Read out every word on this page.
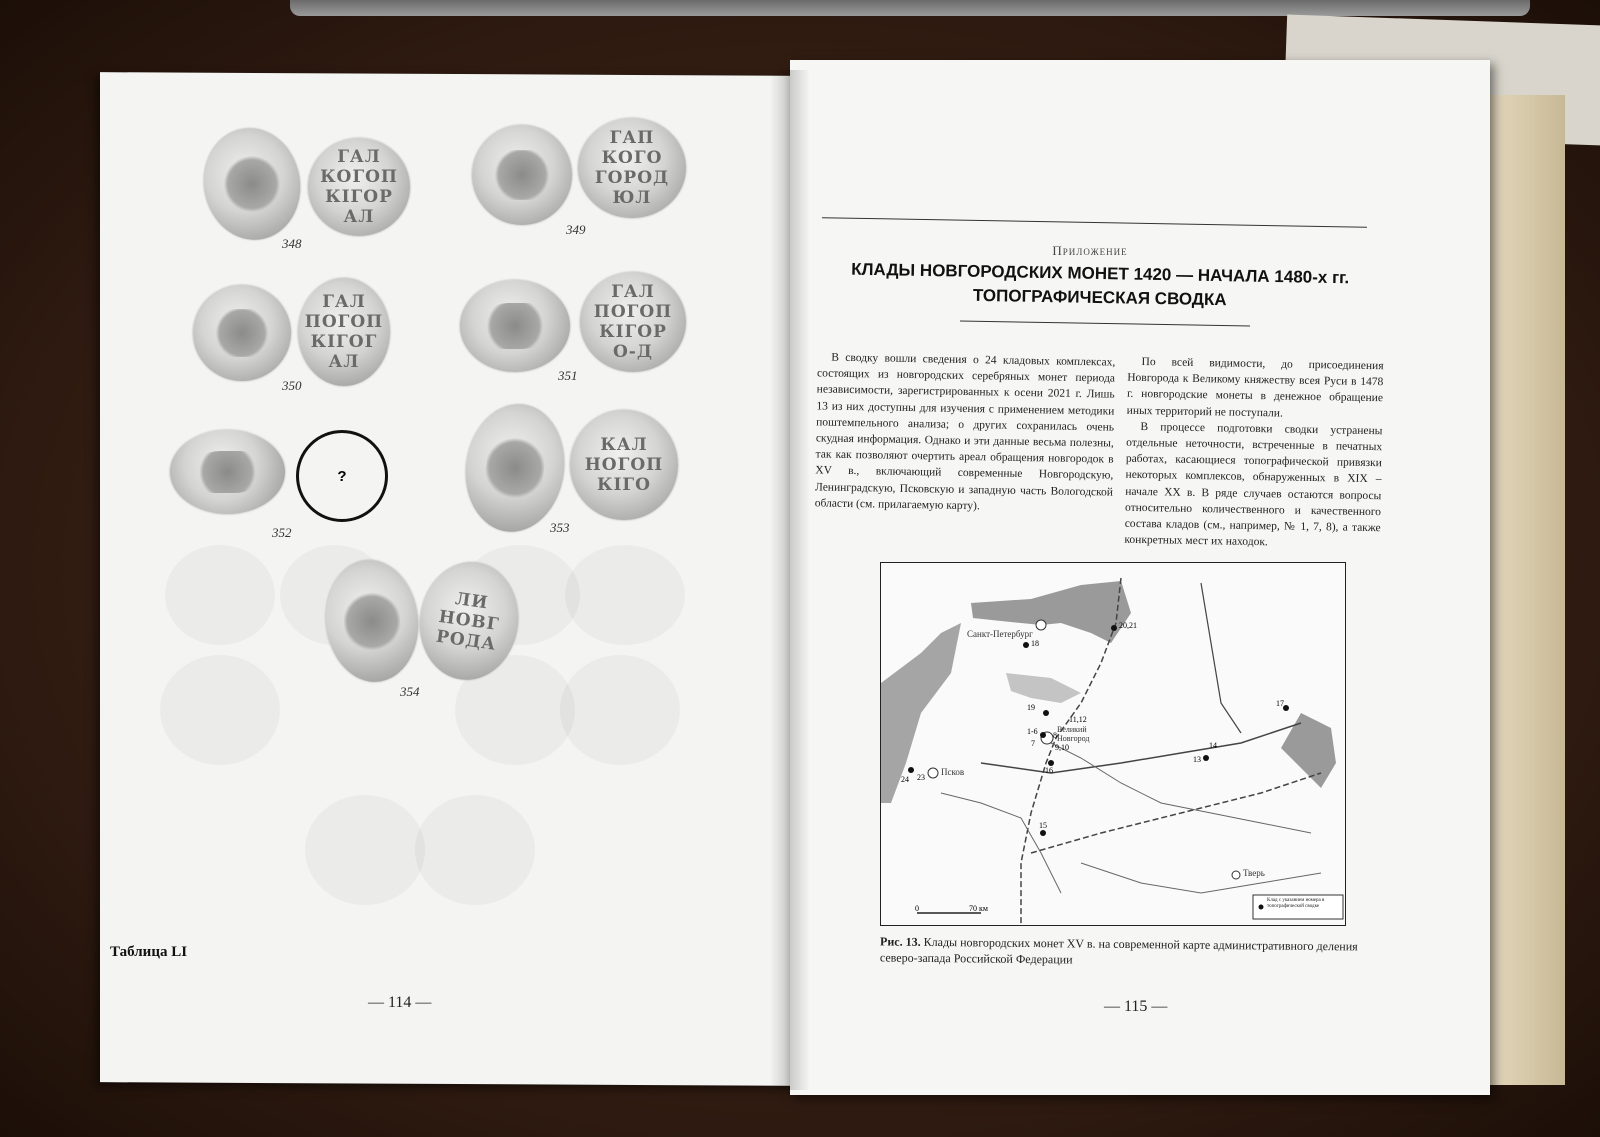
ГАЛ
КОГОП
КІГОР
АЛ
348
ГАП
КОГО
ГОРОД
ЮЛ
349
ГАЛ
ПОГОП
КІГОГ
АЛ
350
ГАЛ
ПОГОП
КІГОР
О-Д
351
?
352
КАЛ
НОГОП
КІГО
353
ЛИ
НОВГ
РОДА
354
Таблица LI
— 114 —
Приложение
КЛАДЫ НОВГОРОДСКИХ МОНЕТ 1420 — НАЧАЛА 1480-х гг.
ТОПОГРАФИЧЕСКАЯ СВОДКА

В сводку вошли сведения о 24 кладовых комплексах, состоящих из новгородских серебряных монет периода независимости, зарегистрированных к осени 2021 г. Лишь 13 из них доступны для изучения с применением методики поштемпельного анализа; о других сохранилась очень скудная информация. Однако и эти данные весьма полезны, так как позволяют очертить ареал обращения новгородок в XV в., включающий современные Новгородскую, Ленинградскую, Псковскую и западную часть Вологодской области (см. прилагаемую карту).

По всей видимости, до присоединения Новгорода к Великому княжеству всея Руси в 1478 г. новгородские монеты в денежное обращение иных территорий не поступали.

В процессе подготовки сводки устранены отдельные неточности, встреченные в печатных работах, касающиеся топографической привязки некоторых комплексов, обнаруженных в XIX – начале XX в. В ряде случаев остаются вопросы относительно количественного и качественного состава кладов (см., например, № 1, 7, 8), а также конкретных мест их находок.

Санкт-Петербург
Великий Новгород
Псков
Тверь
20,21
18
19
11,12
1-6 8
7	9,10
16
24 23
14
13
17
15
0	70 км
Клад с указанием номера в топографической сводке
Рис. 13. Клады новгородских монет XV в. на современной карте административного деления северо-запада Российской Федерации
— 115 —
